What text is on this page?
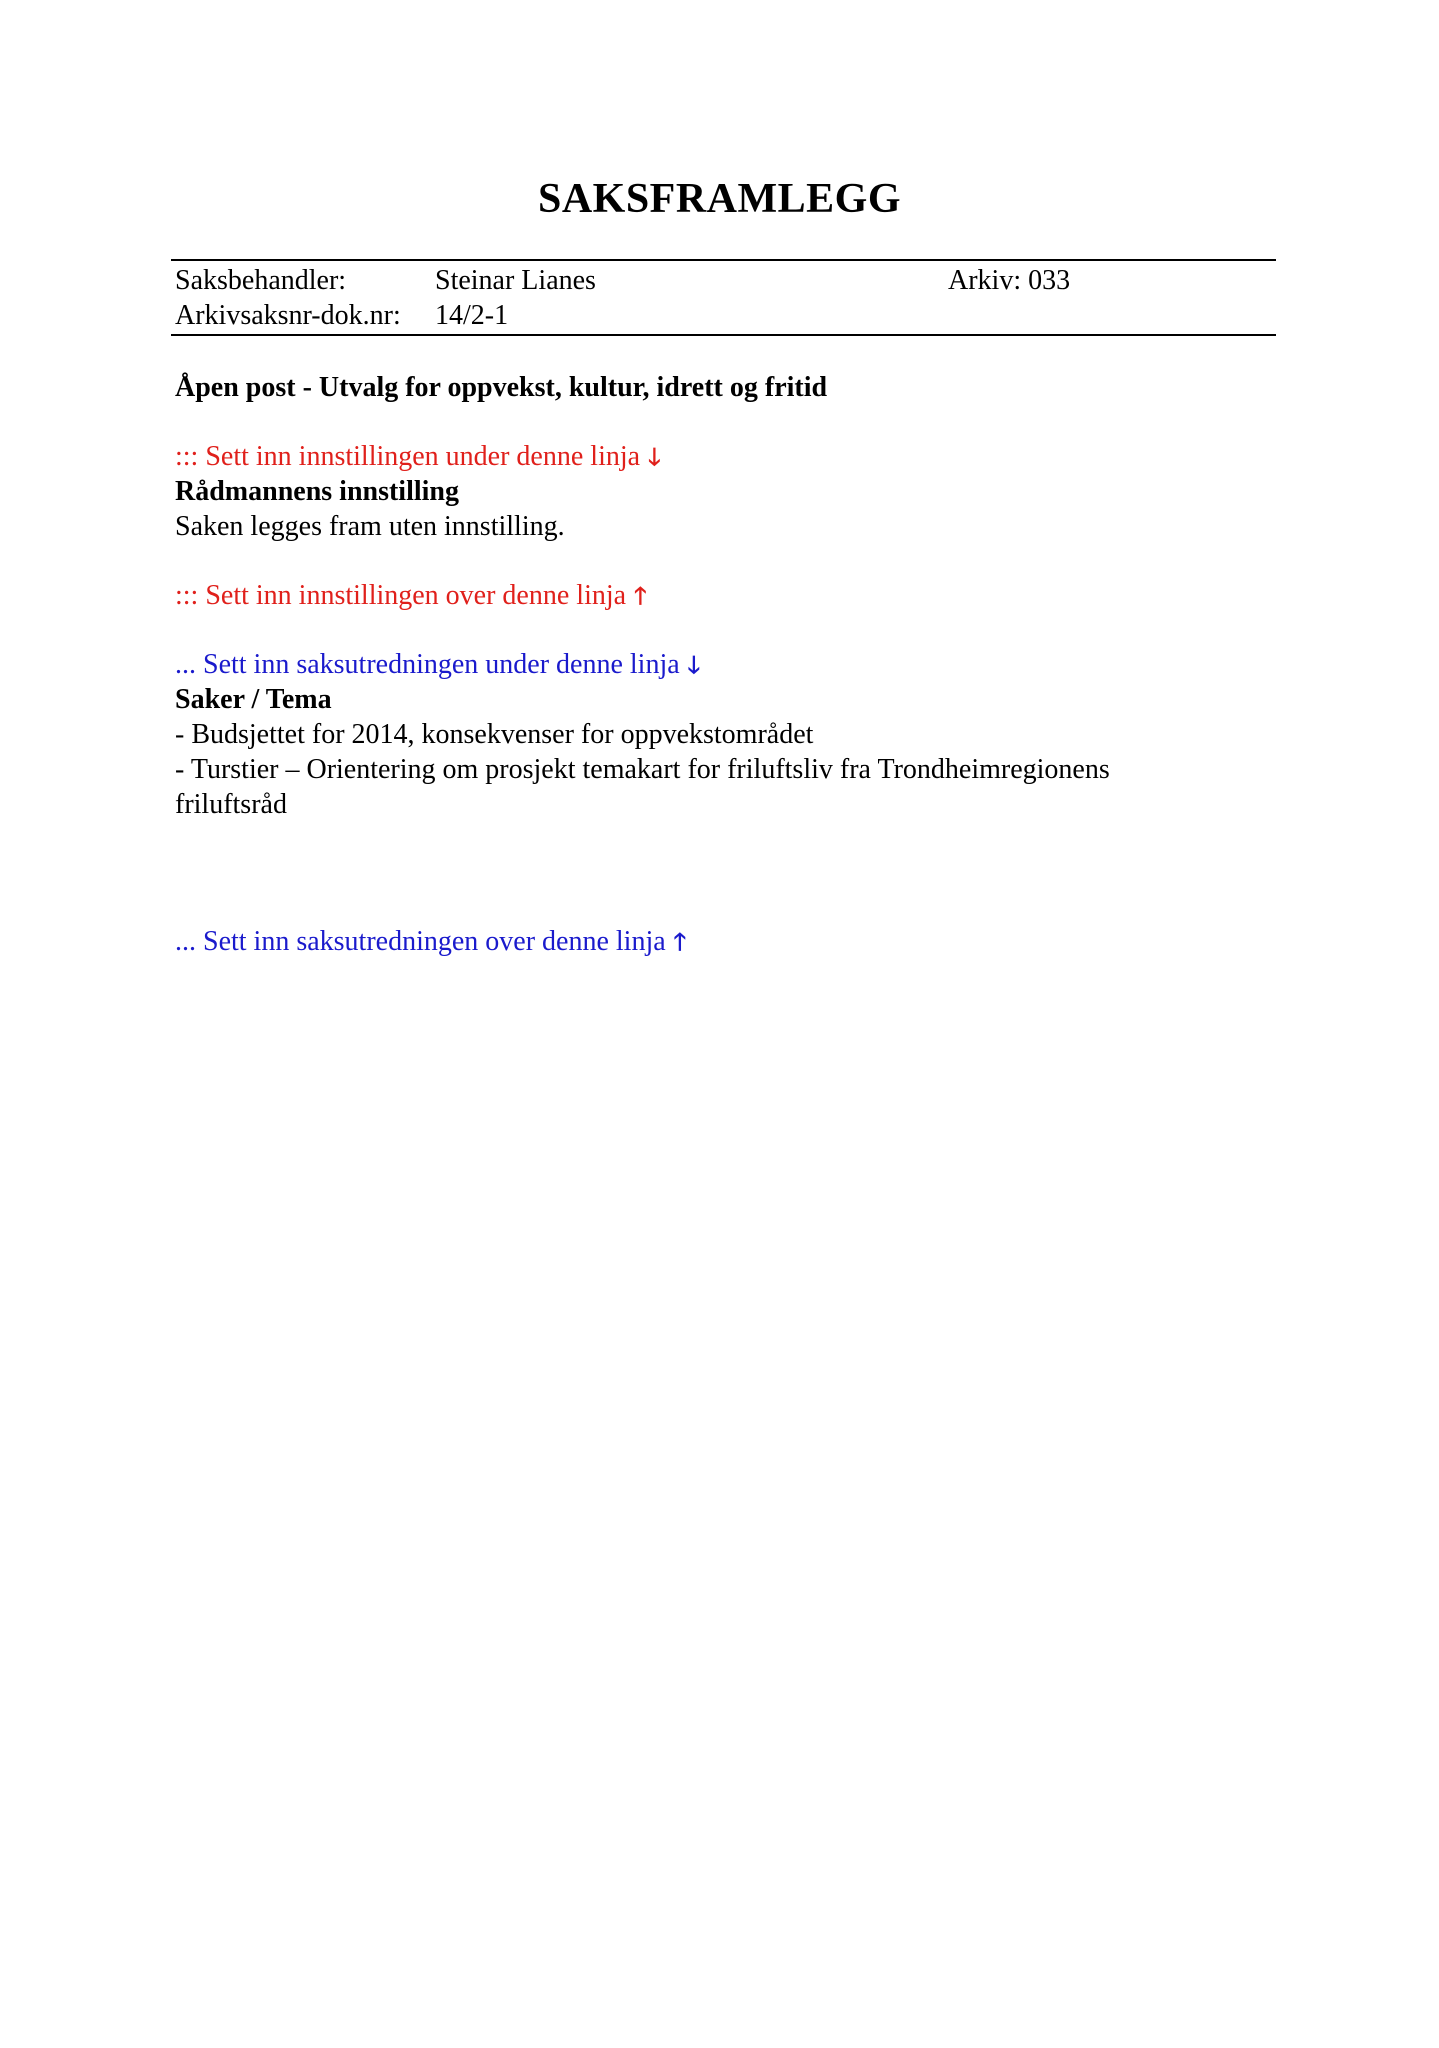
SAKSFRAMLEGG
Saksbehandler:	Steinar Lianes	Arkiv: 033
Arkivsaksnr-dok.nr: 14/2-1
Åpen post - Utvalg for oppvekst, kultur, idrett og fritid
::: Sett inn innstillingen under denne linja 🡓
Rådmannens innstilling
Saken legges fram uten innstilling.
::: Sett inn innstillingen over denne linja 🡑
... Sett inn saksutredningen under denne linja 🡓
Saker / Tema
- Budsjettet for 2014, konsekvenser for oppvekstområdet
- Turstier – Orientering om prosjekt temakart for friluftsliv fra Trondheimregionens
friluftsråd
... Sett inn saksutredningen over denne linja 🡑
